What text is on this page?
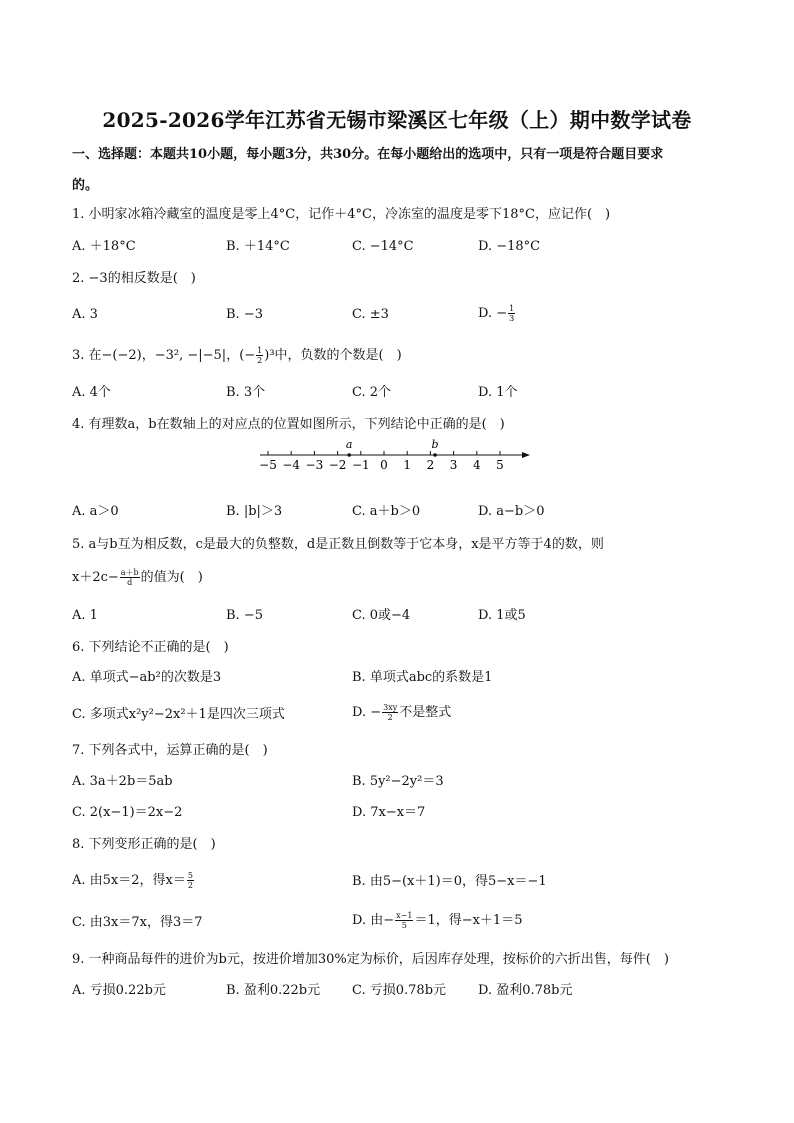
2025-2026学年江苏省无锡市梁溪区七年级（上）期中数学试卷
一、选择题：本题共10小题，每小题3分，共30分。在每小题给出的选项中，只有一项是符合题目要求
的。
1. 小明家冰箱冷藏室的温度是零上4°C，记作＋4°C，冷冻室的温度是零下18°C，应记作(　)
A. ＋18°C	B. ＋14°C	C. −14°C	D. −18°C
2. −3的相反数是(　)
A. 3	B. −3	C. ±3	D. − $\frac{1}{3}$
3. 在−(−2)，−3², −|−5|，(− $\frac{1}{2} )^3$中，负数的个数是(　)
A. 4个	B. 3个	C. 2个	D. 1个
4. 有理数a，b在数轴上的对应点的位置如图所示，下列结论中正确的是(　)
−5 −4 −3 −2 −1 0 1 2 3 4 5
a	b
A. a＞0	B. |b|＞3	C. a＋b＞0	D. a−b＞0
5. a与b互为相反数，c是最大的负整数，d是正数且倒数等于它本身，x是平方等于4的数，则
$x+2c- \frac{a+b}{d}$ 的值为(　)
A. 1	B. −5	C. 0或−4	D. 1或5
6. 下列结论不正确的是(　)
A. 单项式−ab²的次数是3	B. 单项式abc的系数是1
C. 多项式x²y²−2x²＋1是四次三项式	D. − $\frac{3xy}{2}$ 不是整式
7. 下列各式中，运算正确的是(　)
A. 3a＋2b＝5ab	B. 5y²−2y²＝3
C. 2(x−1)＝2x−2	D. 7x−x＝7
8. 下列变形正确的是(　)
A. 由5x＝2，得$x= \frac{5}{2}$	B. 由5−(x＋1)＝0，得5−x＝−1
C. 由3x＝7x，得3＝7	D. 由− $\frac{x-1}{5} =1$，得−x＋1＝5
9. 一种商品每件的进价为b元，按进价增加30%定为标价，后因库存处理，按标价的六折出售，每件(　)
A. 亏损0.22b元	B. 盈利0.22b元 C. 亏损0.78b元 D. 盈利0.78b元
